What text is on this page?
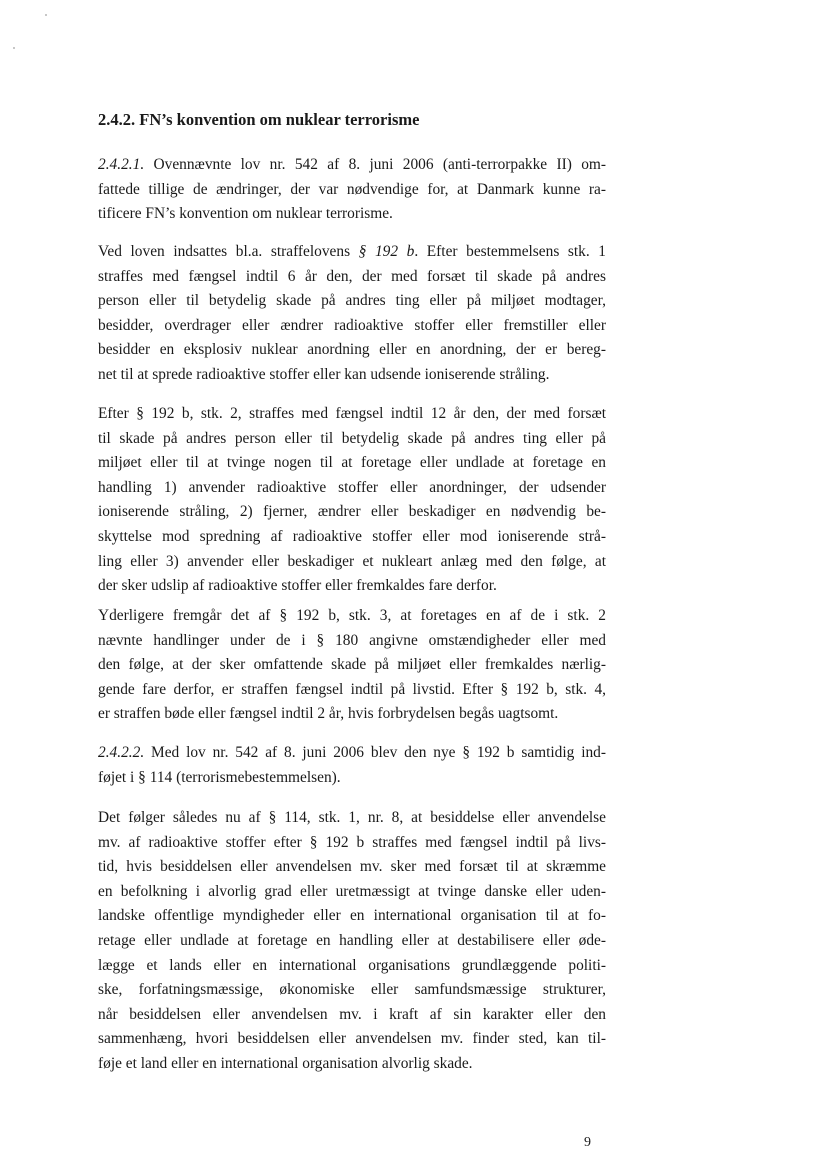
2.4.2. FN’s konvention om nuklear terrorisme
2.4.2.1. Ovennævnte lov nr. 542 af 8. juni 2006 (anti-terrorpakke II) om-
fattede tillige de ændringer, der var nødvendige for, at Danmark kunne ra-
tificere FN’s konvention om nuklear terrorisme.
Ved loven indsattes bl.a. straffelovens § 192 b. Efter bestemmelsens stk. 1
straffes med fængsel indtil 6 år den, der med forsæt til skade på andres
person eller til betydelig skade på andres ting eller på miljøet modtager,
besidder, overdrager eller ændrer radioaktive stoffer eller fremstiller eller
besidder en eksplosiv nuklear anordning eller en anordning, der er bereg-
net til at sprede radioaktive stoffer eller kan udsende ioniserende stråling.
Efter § 192 b, stk. 2, straffes med fængsel indtil 12 år den, der med forsæt
til skade på andres person eller til betydelig skade på andres ting eller på
miljøet eller til at tvinge nogen til at foretage eller undlade at foretage en
handling 1) anvender radioaktive stoffer eller anordninger, der udsender
ioniserende stråling, 2) fjerner, ændrer eller beskadiger en nødvendig be-
skyttelse mod spredning af radioaktive stoffer eller mod ioniserende strå-
ling eller 3) anvender eller beskadiger et nukleart anlæg med den følge, at
der sker udslip af radioaktive stoffer eller fremkaldes fare derfor.
Yderligere fremgår det af § 192 b, stk. 3, at foretages en af de i stk. 2
nævnte handlinger under de i § 180 angivne omstændigheder eller med
den følge, at der sker omfattende skade på miljøet eller fremkaldes nærlig-
gende fare derfor, er straffen fængsel indtil på livstid. Efter § 192 b, stk. 4,
er straffen bøde eller fængsel indtil 2 år, hvis forbrydelsen begås uagtsomt.
2.4.2.2. Med lov nr. 542 af 8. juni 2006 blev den nye § 192 b samtidig ind-
føjet i § 114 (terrorismebestemmelsen).
Det følger således nu af § 114, stk. 1, nr. 8, at besiddelse eller anvendelse
mv. af radioaktive stoffer efter § 192 b straffes med fængsel indtil på livs-
tid, hvis besiddelsen eller anvendelsen mv. sker med forsæt til at skræmme
en befolkning i alvorlig grad eller uretmæssigt at tvinge danske eller uden-
landske offentlige myndigheder eller en international organisation til at fo-
retage eller undlade at foretage en handling eller at destabilisere eller øde-
lægge et lands eller en international organisations grundlæggende politi-
ske, forfatningsmæssige, økonomiske eller samfundsmæssige strukturer,
når besiddelsen eller anvendelsen mv. i kraft af sin karakter eller den
sammenhæng, hvori besiddelsen eller anvendelsen mv. finder sted, kan til-
føje et land eller en international organisation alvorlig skade.

9
